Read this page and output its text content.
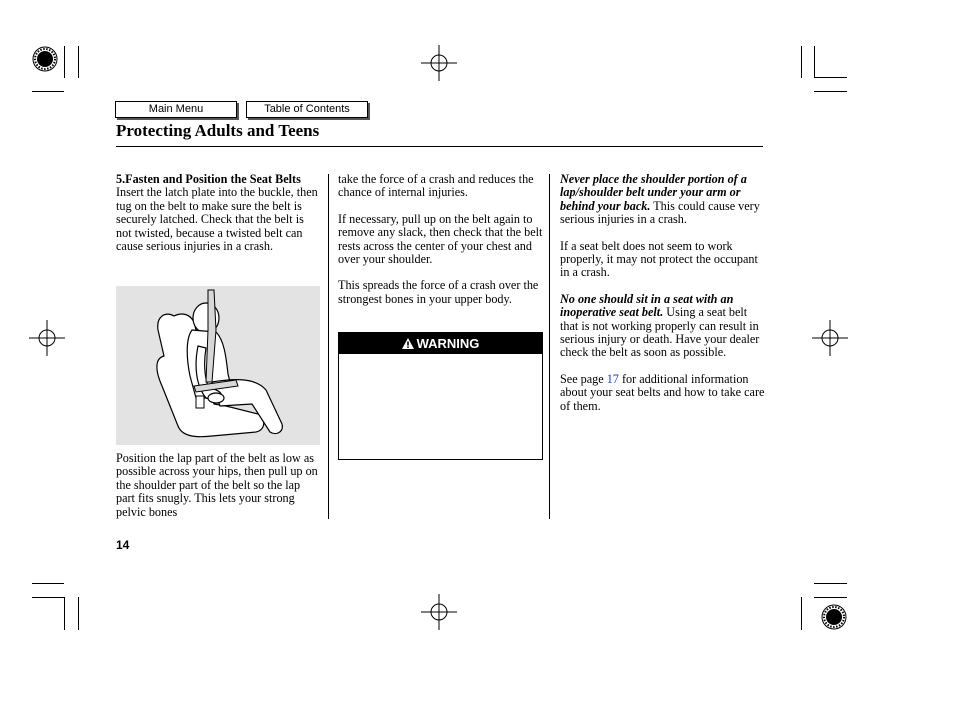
Main Menu	Table of Contents
Protecting Adults and Teens
5.Fasten and Position the Seat Belts

Insert the latch plate into the buckle, then tug on the belt to make sure the belt is securely latched. Check that the belt is not twisted, because a twisted belt can cause serious injuries in a crash.

Position the lap part of the belt as low as possible across your hips, then pull up on the shoulder part of the belt so the lap part fits snugly. This lets your strong pelvic bones

take the force of a crash and reduces the chance of internal injuries.

If necessary, pull up on the belt again to remove any slack, then check that the belt rests across the center of your chest and over your shoulder.

This spreads the force of a crash over the strongest bones in your upper body.

WARNING

Never place the shoulder portion of a lap/shoulder belt under your arm or behind your back. This could cause very serious injuries in a crash.

If a seat belt does not seem to work properly, it may not protect the occupant in a crash.

No one should sit in a seat with an inoperative seat belt. Using a seat belt that is not working properly can result in serious injury or death. Have your dealer check the belt as soon as possible.

See page 17 for additional information about your seat belts and how to take care of them.

14
